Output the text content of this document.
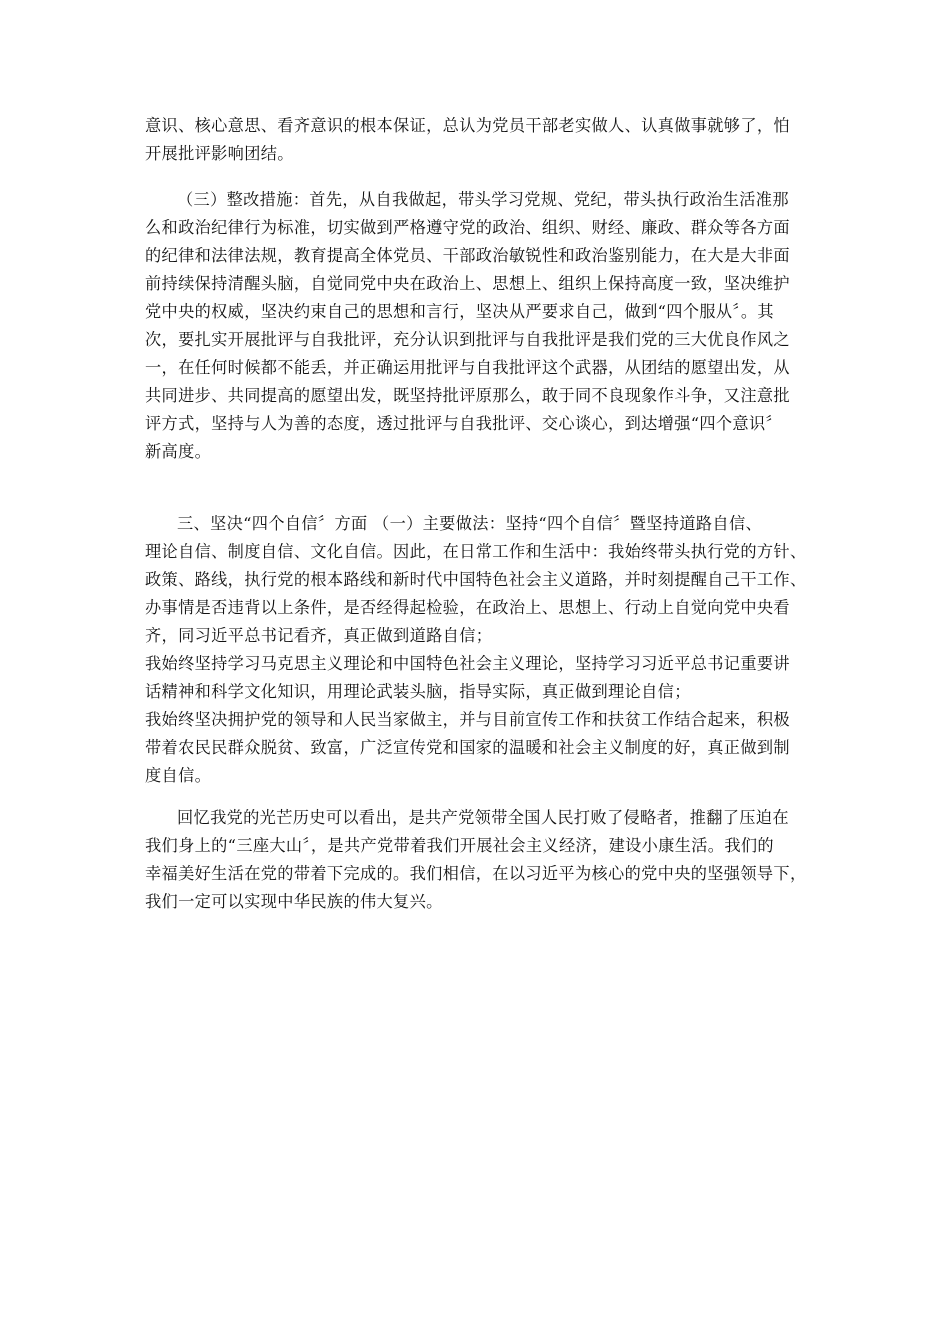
意识、核心意思、看齐意识的根本保证，总认为党员干部老实做人、认真做事就够了，怕
开展批评影响团结。
（三）整改措施：首先，从自我做起，带头学习党规、党纪，带头执行政治生活准那
么和政治纪律行为标准，切实做到严格遵守党的政治、组织、财经、廉政、群众等各方面
的纪律和法律法规，教育提高全体党员、干部政治敏锐性和政治鉴别能力，在大是大非面
前持续保持清醒头脑，自觉同党中央在政治上、思想上、组织上保持高度一致，坚决维护
党中央的权威，坚决约束自己的思想和言行，坚决从严要求自己，做到“四个服从〞。其
次，要扎实开展批评与自我批评，充分认识到批评与自我批评是我们党的三大优良作风之
一，在任何时候都不能丢，并正确运用批评与自我批评这个武器，从团结的愿望出发，从
共同进步、共同提高的愿望出发，既坚持批评原那么，敢于同不良现象作斗争，又注意批
评方式，坚持与人为善的态度，透过批评与自我批评、交心谈心，到达增强“四个意识〞
新高度。
三、坚决“四个自信〞方面 （一）主要做法：坚持“四个自信〞暨坚持道路自信、
理论自信、制度自信、文化自信。因此，在日常工作和生活中：我始终带头执行党的方针、
政策、路线，执行党的根本路线和新时代中国特色社会主义道路，并时刻提醒自己干工作、
办事情是否违背以上条件，是否经得起检验，在政治上、思想上、行动上自觉向党中央看
齐，同习近平总书记看齐，真正做到道路自信；
我始终坚持学习马克思主义理论和中国特色社会主义理论，坚持学习习近平总书记重要讲
话精神和科学文化知识，用理论武装头脑，指导实际，真正做到理论自信；
我始终坚决拥护党的领导和人民当家做主，并与目前宣传工作和扶贫工作结合起来，积极
带着农民民群众脱贫、致富，广泛宣传党和国家的温暖和社会主义制度的好，真正做到制
度自信。
回忆我党的光芒历史可以看出，是共产党领带全国人民打败了侵略者，推翻了压迫在
我们身上的“三座大山〞，是共产党带着我们开展社会主义经济，建设小康生活。我们的
幸福美好生活在党的带着下完成的。我们相信，在以习近平为核心的党中央的坚强领导下，
我们一定可以实现中华民族的伟大复兴。
